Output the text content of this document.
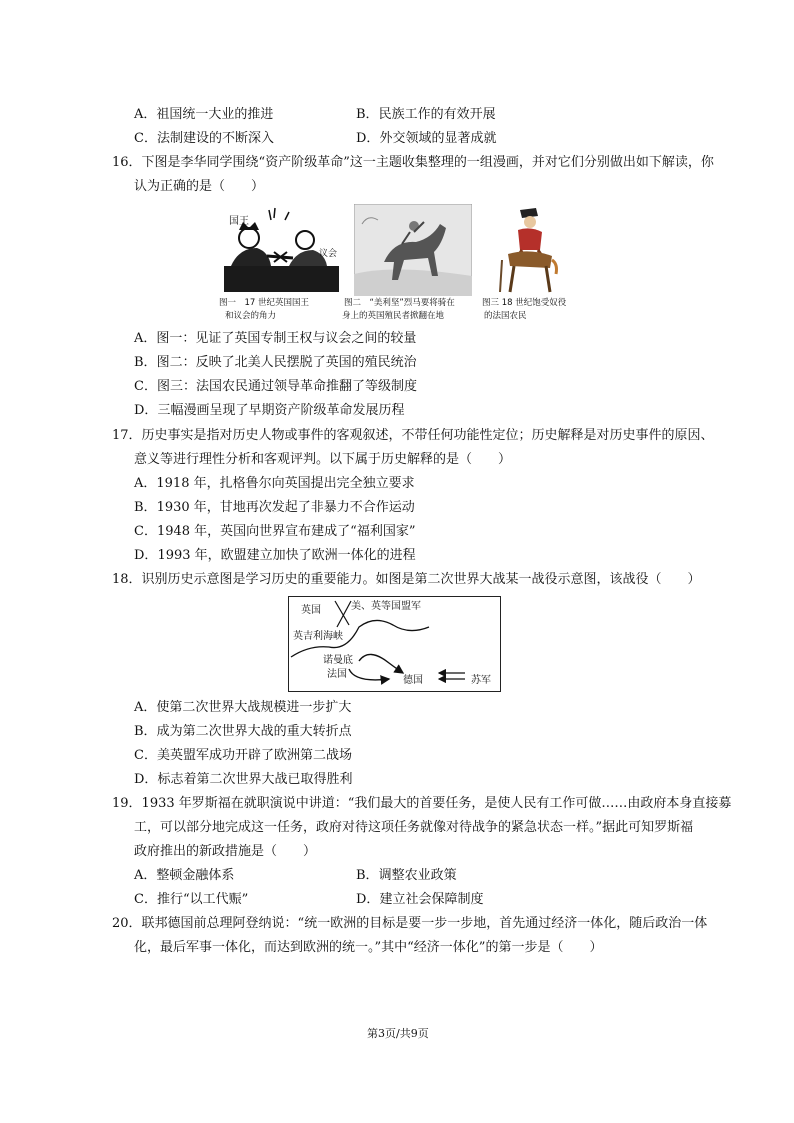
A．祖国统一大业的推进	B．民族工作的有效开展
C．法制建设的不断深入	D．外交领域的显著成就
16．下图是李华同学围绕“资产阶级革命”这一主题收集整理的一组漫画，并对它们分别做出如下解读，你
认为正确的是（　　）
国王
议会
图一　17 世纪英国国王
和议会的角力
图二　“美利坚”烈马要将骑在
身上的英国殖民者掀翻在地
图三 18 世纪饱受奴役
的法国农民
A．图一：见证了英国专制王权与议会之间的较量
B．图二：反映了北美人民摆脱了英国的殖民统治
C．图三：法国农民通过领导革命推翻了等级制度
D．三幅漫画呈现了早期资产阶级革命发展历程
17．历史事实是指对历史人物或事件的客观叙述，不带任何功能性定位；历史解释是对历史事件的原因、
意义等进行理性分析和客观评判。以下属于历史解释的是（　　）
A．1918 年，扎格鲁尔向英国提出完全独立要求
B．1930 年，甘地再次发起了非暴力不合作运动
C．1948 年，英国向世界宣布建成了“福利国家”
D．1993 年，欧盟建立加快了欧洲一体化的进程
18．识别历史示意图是学习历史的重要能力。如图是第二次世界大战某一战役示意图，该战役（　　）
英国	美、英等国盟军
英吉利海峡
诺曼底
法国
德国	苏军
A．使第二次世界大战规模进一步扩大
B．成为第二次世界大战的重大转折点
C．美英盟军成功开辟了欧洲第二战场
D．标志着第二次世界大战已取得胜利
19．1933 年罗斯福在就职演说中讲道：“我们最大的首要任务，是使人民有工作可做……由政府本身直接募
工，可以部分地完成这一任务，政府对待这项任务就像对待战争的紧急状态一样。”据此可知罗斯福
政府推出的新政措施是（　　）
A．整顿金融体系	B．调整农业政策
C．推行“以工代赈”	D．建立社会保障制度
20．联邦德国前总理阿登纳说：“统一欧洲的目标是要一步一步地，首先通过经济一体化，随后政治一体
化，最后军事一体化，而达到欧洲的统一。”其中“经济一体化”的第一步是（　　）
第3页/共9页
